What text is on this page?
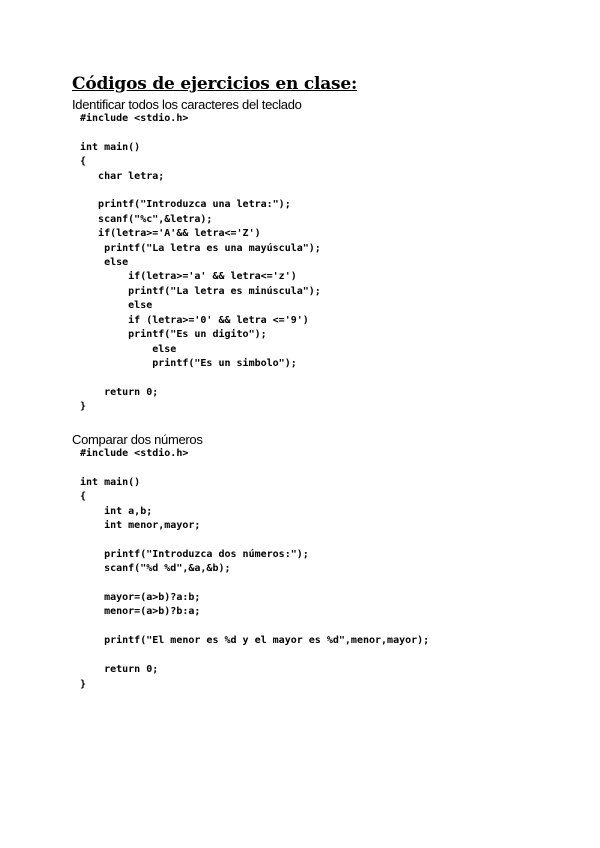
Códigos de ejercicios en clase:
Identificar todos los caracteres del teclado
#include <stdio.h>

int main()
{
char letra;

printf("Introduzca una letra:");
scanf("%c",&letra);
if(letra>='A'&& letra<='Z')
printf("La letra es una mayúscula");
else
if(letra>='a' && letra<='z')
printf("La letra es minúscula");
else
if (letra>='0' && letra <='9')
printf("Es un digito");
else
printf("Es un simbolo");

return 0;
}
Comparar dos números
#include <stdio.h>

int main()
{
int a,b;
int menor,mayor;

printf("Introduzca dos números:");
scanf("%d %d",&a,&b);

mayor=(a>b)?a:b;
menor=(a>b)?b:a;

printf("El menor es %d y el mayor es %d",menor,mayor);

return 0;
}
